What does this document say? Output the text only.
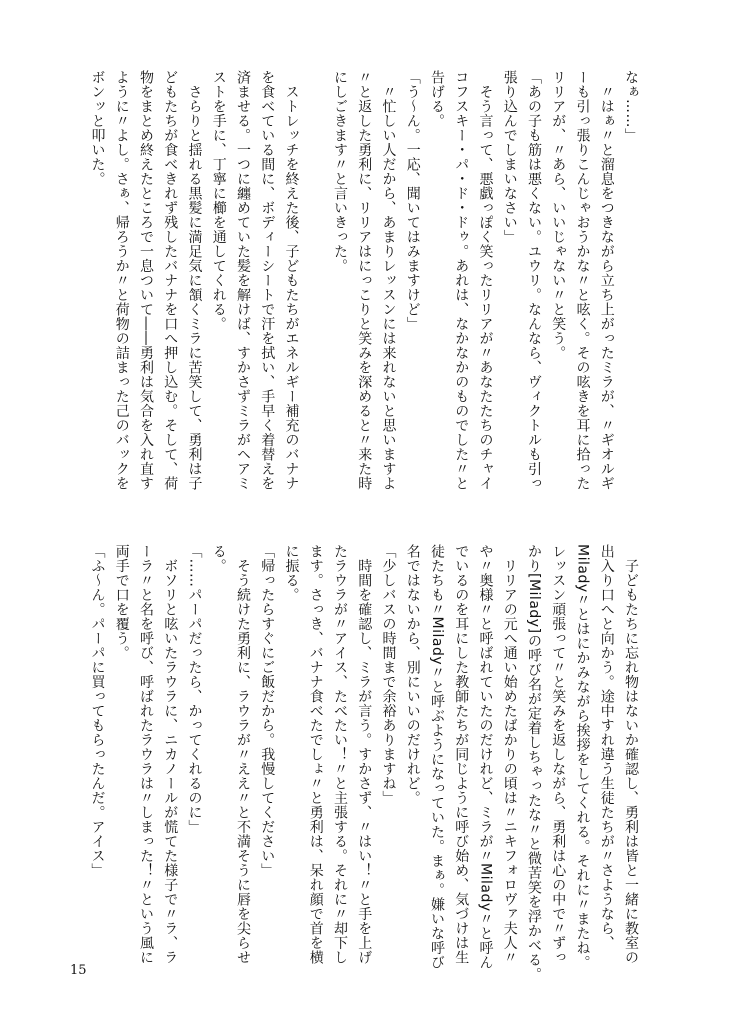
なぁ……」
　〃はぁ〃と溜息をつきながら立ち上がったミラが、〃ギオルギ
ーも引っ張りこんじゃおうかな〃と呟く。その呟きを耳に拾った
リリアが、〃あら、いいじゃない〃と笑う。
「あの子も筋は悪くない。ユウリ。なんなら、ヴィクトルも引っ
張り込んでしまいなさい」
　そう言って、悪戯っぽく笑ったリリアが〃あなたたちのチャイ
コフスキー・パ・ド・ドゥ。あれは、なかなかのものでした〃と
告げる。
「う～ん。一応、聞いてはみますけど」
　〃忙しい人だから、あまりレッスンには来れないと思いますよ
〃と返した勇利に、リリアはにっこりと笑みを深めると〃来た時
にしごきます〃と言いきった。
　ストレッチを終えた後、子どもたちがエネルギー補充のバナナ
を食べている間に、ボディーシートで汗を拭い、手早く着替えを
済ませる。一つに纏めていた髪を解けば、すかさずミラがヘアミ
ストを手に、丁寧に櫛を通してくれる。
　さらりと揺れる黒髪に満足気に頷くミラに苦笑して、勇利は子
どもたちが食べきれず残したバナナを口へ押し込む。そして、荷
物をまとめ終えたところで一息ついて――勇利は気合を入れ直す
ように〃よし。さぁ、帰ろうか〃と荷物の詰まった己のバックを
ボンッと叩いた。
　子どもたちに忘れ物はないか確認し、勇利は皆と一緒に教室の
出入り口へと向かう。途中すれ違う生徒たちが〃さようなら、
Milady〃とはにかみながら挨拶をしてくれる。それに〃またね。
レッスン頑張って〃と笑みを返しながら、勇利は心の中で〃ずっ
かり[Milady]の呼び名が定着しちゃったな〃と微苦笑を浮かべる。
　リリアの元へ通い始めたばかりの頃は〃ニキフォロヴァ夫人〃
や〃奥様〃と呼ばれていたのだけれど、ミラが〃Milady〃と呼ん
でいるのを耳にした教師たちが同じように呼び始め、気づけは生
徒たちも〃Milady〃と呼ぶようになっていた。まぁ。嫌いな呼び
名ではないから、別にいいのだけれど。
「少しバスの時間まで余裕ありますね」
　時間を確認し、ミラが言う。すかさず、〃はい！〃と手を上げ
たラウラが〃アイス、たべたい！〃と主張する。それに〃却下し
ます。さっき、バナナ食べたでしょ〃と勇利は、呆れ顔で首を横
に振る。
「帰ったらすぐにご飯だから。我慢してください」
　そう続けた勇利に、ラウラが〃ええ〃と不満そうに唇を尖らせ
る。
「……パーパだったら、かってくれるのに」
　ボソリと呟いたラウラに、ニカノールが慌てた様子で〃ラ、ラ
ーラ〃と名を呼び、呼ばれたラウラは〃しまった！〃という風に
両手で口を覆う。
「ふ～ん。パーパに買ってもらったんだ。アイス」
15
